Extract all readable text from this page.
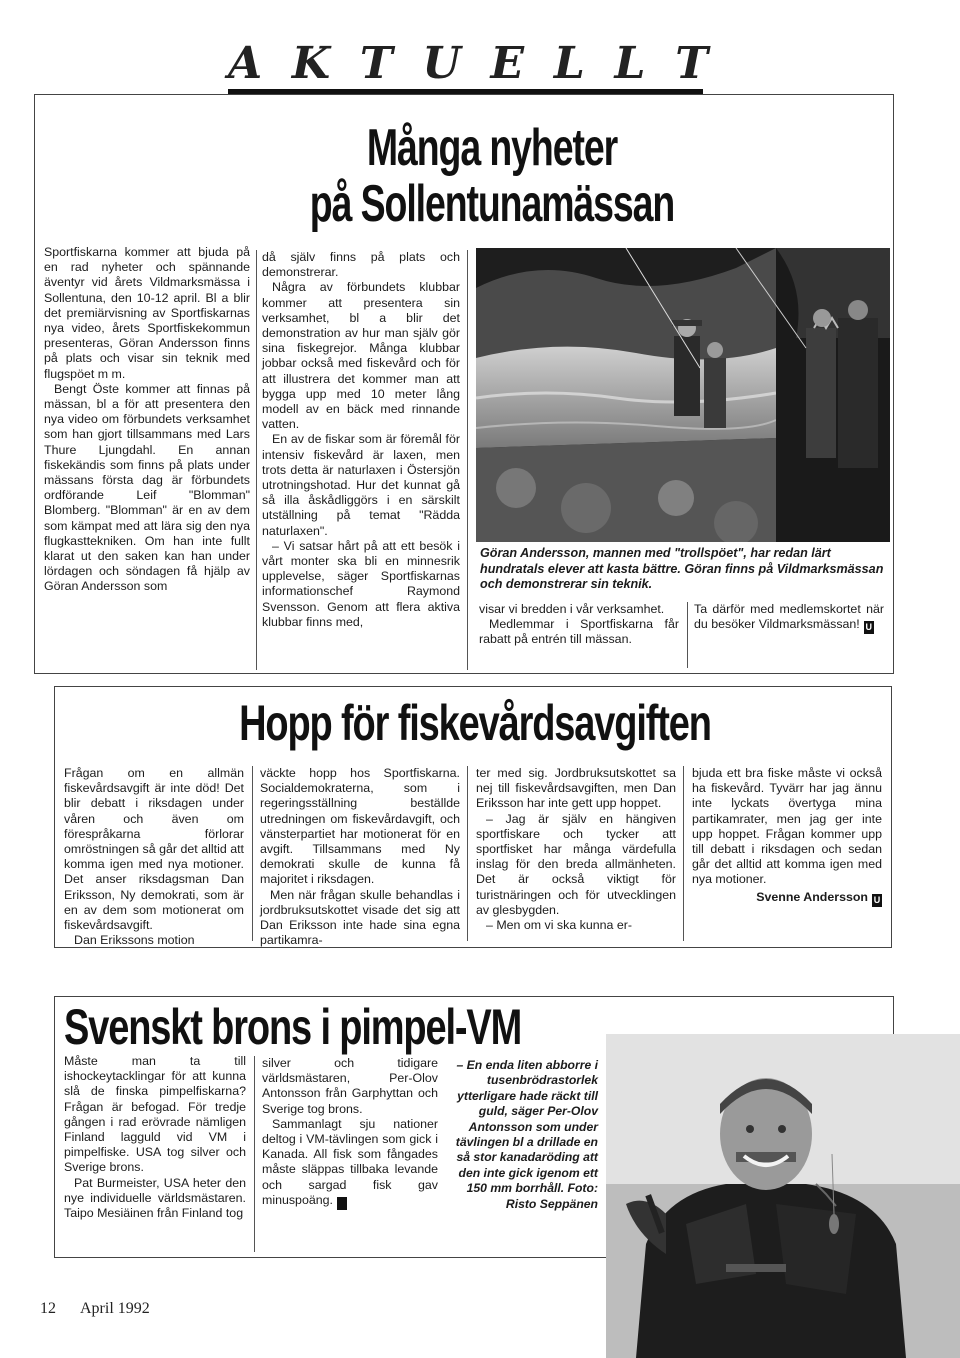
A K T U E L L T
Många nyheter
på Sollentunamässan

Sportfiskarna kommer att bjuda på en rad nyheter och spännande äventyr vid årets Vildmarksmässa i Sollentuna, den 10-12 april. Bl a blir det premiärvisning av Sportfiskarnas nya video, årets Sportfiskekommun presenteras, Göran Andersson finns på plats och visar sin teknik med flugspöet m m.

Bengt Öste kommer att finnas på mässan, bl a för att presentera den nya video om förbundets verksamhet som han gjort tillsammans med Lars Thure Ljungdahl. En annan fiskekändis som finns på plats under mässans första dag är förbundets ordförande Leif "Blomman" Blomberg. "Blomman" är en av dem som kämpat med att lära sig den nya flugkasttekniken. Om han inte fullt klarat ut den saken kan han under lördagen och söndagen få hjälp av Göran Andersson som

då själv finns på plats och demonstrerar.

Några av förbundets klubbar kommer att presentera sin verksamhet, bl a blir det demonstration av hur man själv gör sina fiskegrejor. Många klubbar jobbar också med fiskevård och för att illustrera det kommer man att bygga upp med 10 meter lång modell av en bäck med rinnande vatten.

En av de fiskar som är föremål för intensiv fiskevård är laxen, men trots detta är naturlaxen i Östersjön utrotningshotad. Hur det kunnat gå så illa åskådliggörs i en särskilt utställning på temat "Rädda naturlaxen".

– Vi satsar hårt på att ett besök i vårt monter ska bli en minnesrik upplevelse, säger Sportfiskarnas informationschef Raymond Svensson. Genom att flera aktiva klubbar finns med,

Göran Andersson, mannen med "trollspöet", har redan lärt hundratals elever att kasta bättre. Göran finns på Vildmarksmässan och demonstrerar sin teknik.

visar vi bredden i vår verksamhet.

Medlemmar i Sportfiskarna får rabatt på entrén till mässan.

Ta därför med medlemskortet när du besöker Vildmarksmässan! U

Hopp för fiskevårdsavgiften

Frågan om en allmän fiskevårdsavgift är inte död! Det blir debatt i riksdagen under våren och även om förespråkarna förlorar omröstningen så går det alltid att komma igen med nya motioner. Det anser riksdagsman Dan Eriksson, Ny demokrati, som är en av dem som motionerat om fiskevårdsavgift.

Dan Erikssons motion

väckte hopp hos Sportfiskarna. Socialdemokraterna, som i regeringsställning beställde utredningen om fiskevårdavgift, och vänsterpartiet har motionerat för en avgift. Tillsammans med Ny demokrati skulle de kunna få majoritet i riksdagen.

Men när frågan skulle behandlas i jordbruksutskottet visade det sig att Dan Eriksson inte hade sina egna partikamra-

ter med sig. Jordbruksutskottet sa nej till fiskevårdsavgiften, men Dan Eriksson har inte gett upp hoppet.

– Jag är själv en hängiven sportfiskare och tycker att sportfisket har många värdefulla inslag för den breda allmänheten. Det är också viktigt för turistnäringen och för utvecklingen av glesbygden.

– Men om vi ska kunna er-

bjuda ett bra fiske måste vi också ha fiskevård. Tyvärr har jag ännu inte lyckats övertyga mina partikamrater, men jag ger inte upp hoppet. Frågan kommer upp till debatt i riksdagen och sedan går det alltid att komma igen med nya motioner.

Svenne Andersson U

Svenskt brons i pimpel-VM

Måste man ta till ishockeytacklingar för att kunna slå de finska pimpelfiskarna? Frågan är befogad. För tredje gången i rad erövrade nämligen Finland lagguld vid VM i pimpelfiske. USA tog silver och Sverige brons.

Pat Burmeister, USA heter den nye individuelle världsmästaren. Taipo Mesiäinen från Finland tog

silver och tidigare världsmästaren, Per-Olov Antonsson från Garphyttan och Sverige tog brons.

Sammanlagt sju nationer deltog i VM-tävlingen som gick i Kanada. All fisk som fångades måste släppas tillbaka levande och sargad fisk gav minuspoäng. U

– En enda liten abborre i tusenbrödrastorlek ytterligare hade räckt till guld, säger Per-Olov Antonsson som under tävlingen bl a drillade en så stor kanadaröding att den inte gick igenom ett 150 mm borrhåll. Foto: Risto Seppänen
12 April 1992
